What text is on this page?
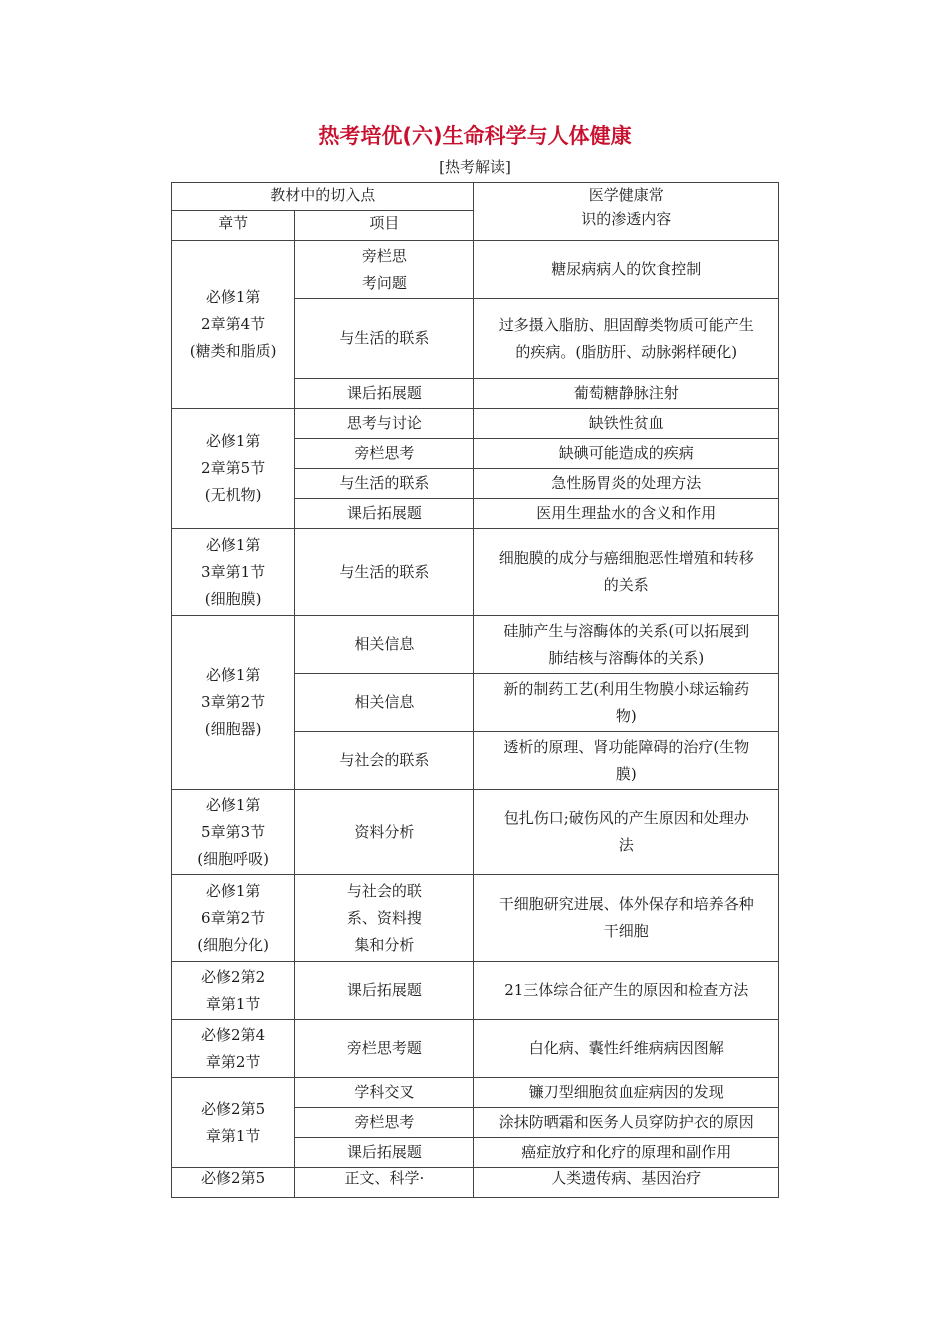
热考培优(六)生命科学与人体健康
[热考解读]
教材中的切入点		医学健康常
识的渗透内容
章节	项目	
必修1第
2章第4节
(糖类和脂质)	旁栏思
考问题	糖尿病病人的饮食控制
	与生活的联系	过多摄入脂肪、胆固醇类物质可能产生
的疾病。(脂肪肝、动脉粥样硬化)
	课后拓展题	葡萄糖静脉注射
必修1第
2章第5节
(无机物)	思考与讨论	缺铁性贫血
	旁栏思考	缺碘可能造成的疾病
	与生活的联系	急性肠胃炎的处理方法
	课后拓展题	医用生理盐水的含义和作用
必修1第
3章第1节
(细胞膜)	与生活的联系	细胞膜的成分与癌细胞恶性增殖和转移
的关系
必修1第
3章第2节
(细胞器)	相关信息	硅肺产生与溶酶体的关系(可以拓展到
肺结核与溶酶体的关系)
	相关信息	新的制药工艺(利用生物膜小球运输药
物)
	与社会的联系	透析的原理、肾功能障碍的治疗(生物
膜)
必修1第
5章第3节
(细胞呼吸)	资料分析	包扎伤口;破伤风的产生原因和处理办
法
必修1第
6章第2节
(细胞分化)	与社会的联
系、资料搜
集和分析	干细胞研究进展、体外保存和培养各种
干细胞
必修2第2
章第1节	课后拓展题	21三体综合征产生的原因和检查方法
必修2第4
章第2节	旁栏思考题	白化病、囊性纤维病病因图解
必修2第5
章第1节	学科交叉	镰刀型细胞贫血症病因的发现
	旁栏思考	涂抹防晒霜和医务人员穿防护衣的原因
	课后拓展题	癌症放疗和化疗的原理和副作用
必修2第5	正文、科学·	人类遗传病、基因治疗
